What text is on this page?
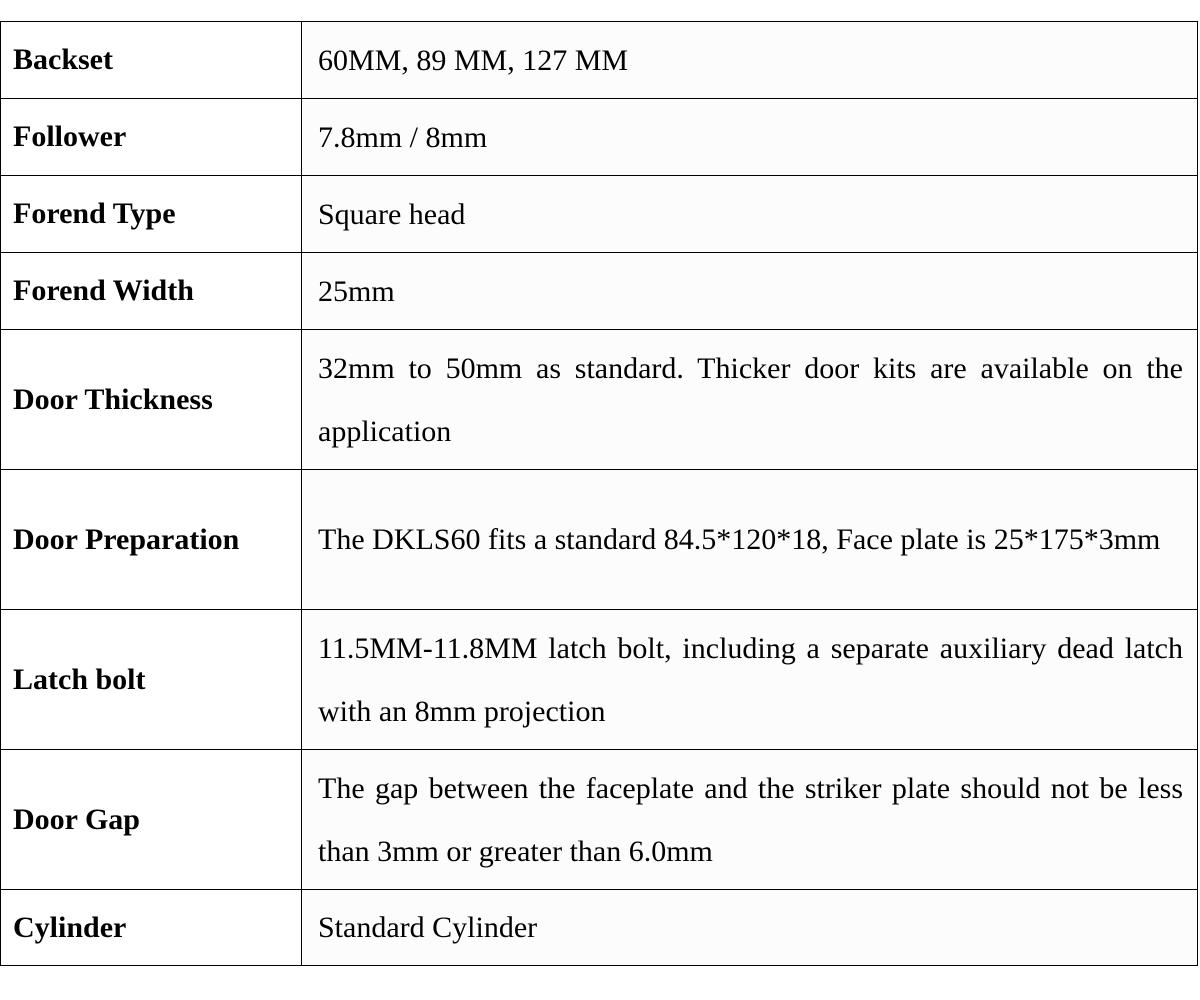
Backset	60MM, 89 MM, 127 MM
Follower	7.8mm / 8mm
Forend Type	Square head
Forend Width	25mm
Door Thickness	32mm to 50mm as standard. Thicker door kits are available on the application
Door Preparation	The DKLS60 fits a standard 84.5*120*18, Face plate is 25*175*3mm
Latch bolt	11.5MM-11.8MM latch bolt, including a separate auxiliary dead latch with an 8mm projection
Door Gap	The gap between the faceplate and the striker plate should not be less than 3mm or greater than 6.0mm
Cylinder	Standard Cylinder
